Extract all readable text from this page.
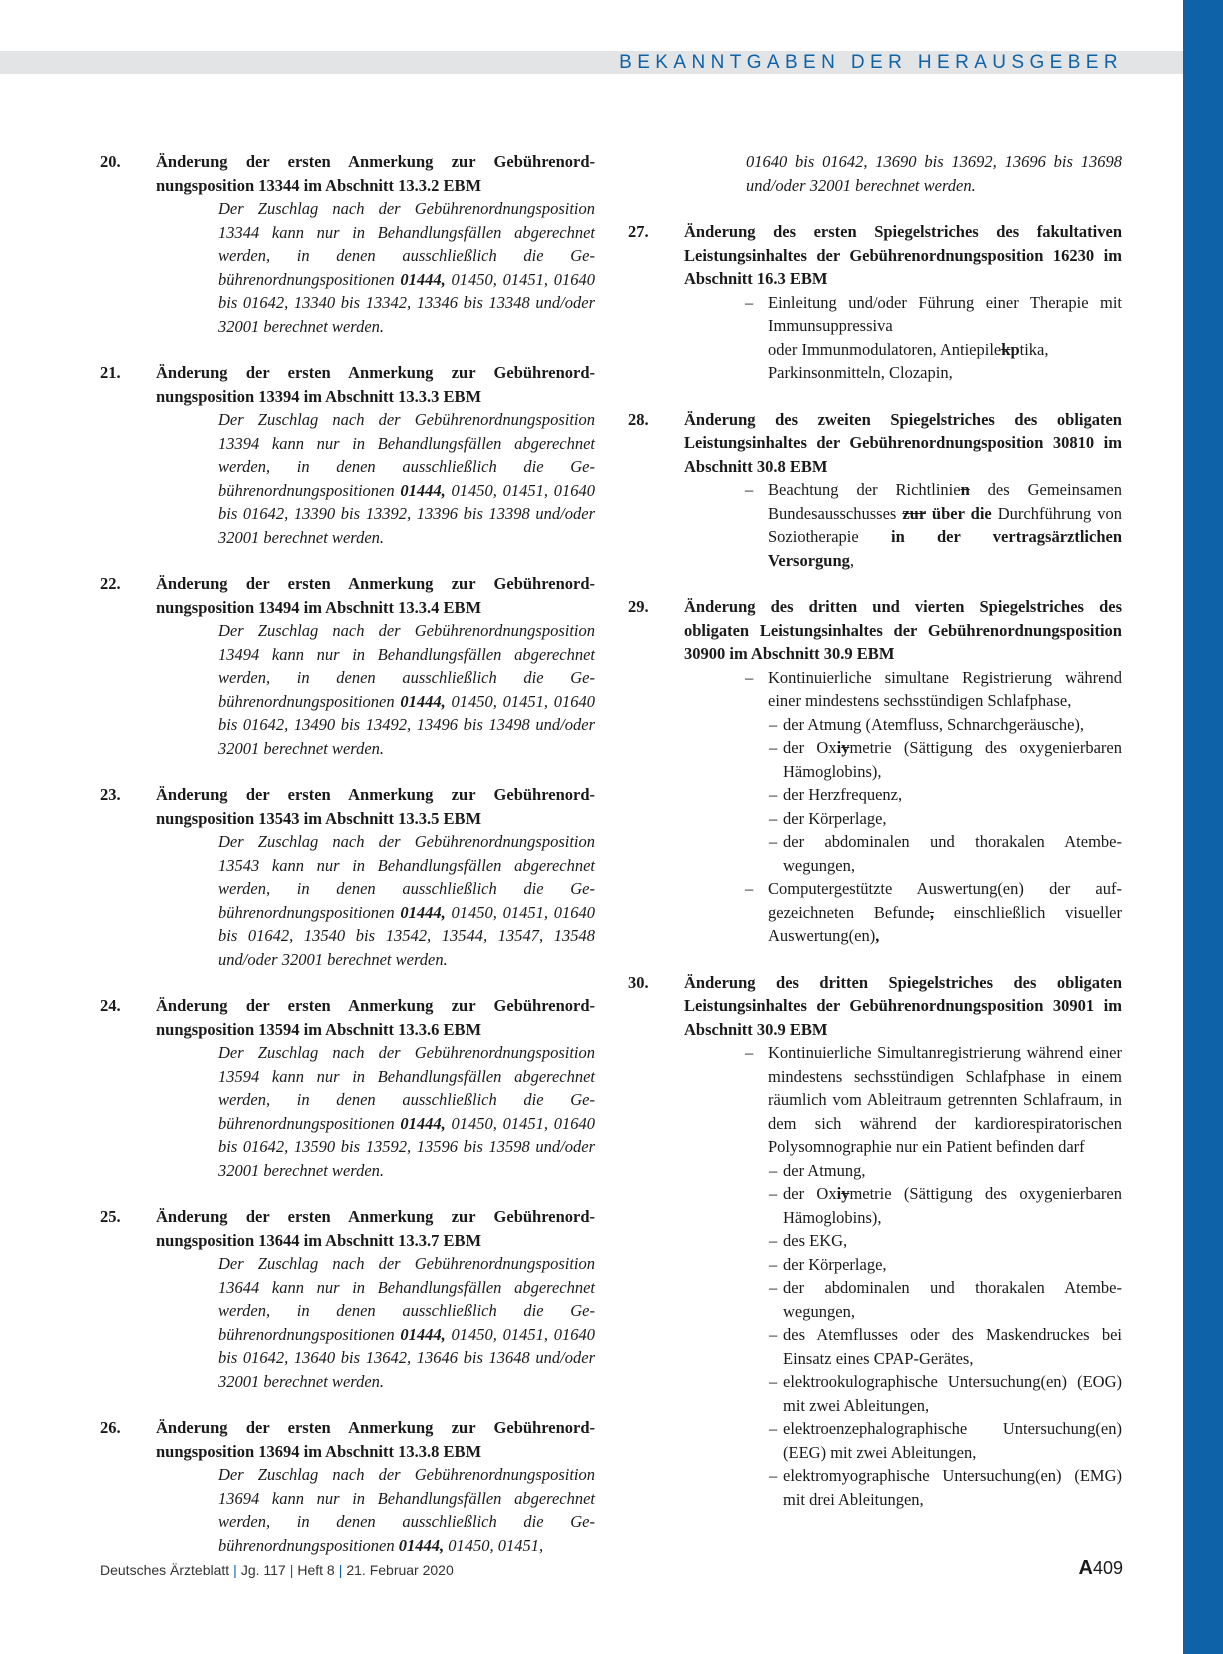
BEKANNTGABEN DER HERAUSGEBER
20.	Änderung der ersten Anmerkung zur Gebührenordnungsposition 13344 im Abschnitt 13.3.2 EBM
Der Zuschlag nach der Gebührenordnungsposition 13344 kann nur in Behandlungsfällen abgerechnet werden, in denen ausschließlich die Gebührenordnungspositionen 01444, 01450, 01451, 01640 bis 01642, 13340 bis 13342, 13346 bis 13348 und/oder 32001 berechnet werden.
21.	Änderung der ersten Anmerkung zur Gebührenordnungsposition 13394 im Abschnitt 13.3.3 EBM
Der Zuschlag nach der Gebührenordnungsposition 13394 kann nur in Behandlungsfällen abgerechnet werden, in denen ausschließlich die Gebührenordnungspositionen 01444, 01450, 01451, 01640 bis 01642, 13390 bis 13392, 13396 bis 13398 und/oder 32001 berechnet werden.
22.	Änderung der ersten Anmerkung zur Gebührenordnungsposition 13494 im Abschnitt 13.3.4 EBM
Der Zuschlag nach der Gebührenordnungsposition 13494 kann nur in Behandlungsfällen abgerechnet werden, in denen ausschließlich die Gebührenordnungspositionen 01444, 01450, 01451, 01640 bis 01642, 13490 bis 13492, 13496 bis 13498 und/oder 32001 berechnet werden.
23.	Änderung der ersten Anmerkung zur Gebührenordnungsposition 13543 im Abschnitt 13.3.5 EBM
Der Zuschlag nach der Gebührenordnungsposition 13543 kann nur in Behandlungsfällen abgerechnet werden, in denen ausschließlich die Gebührenordnungspositionen 01444, 01450, 01451, 01640 bis 01642, 13540 bis 13542, 13544, 13547, 13548 und/oder 32001 berechnet werden.
24.	Änderung der ersten Anmerkung zur Gebührenordnungsposition 13594 im Abschnitt 13.3.6 EBM
Der Zuschlag nach der Gebührenordnungsposition 13594 kann nur in Behandlungsfällen abgerechnet werden, in denen ausschließlich die Gebührenordnungspositionen 01444, 01450, 01451, 01640 bis 01642, 13590 bis 13592, 13596 bis 13598 und/oder 32001 berechnet werden.
25.	Änderung der ersten Anmerkung zur Gebührenordnungsposition 13644 im Abschnitt 13.3.7 EBM
Der Zuschlag nach der Gebührenordnungsposition 13644 kann nur in Behandlungsfällen abgerechnet werden, in denen ausschließlich die Gebührenordnungspositionen 01444, 01450, 01451, 01640 bis 01642, 13640 bis 13642, 13646 bis 13648 und/oder 32001 berechnet werden.
26.	Änderung der ersten Anmerkung zur Gebührenordnungsposition 13694 im Abschnitt 13.3.8 EBM
Der Zuschlag nach der Gebührenordnungsposition 13694 kann nur in Behandlungsfällen abgerechnet werden, in denen ausschließlich die Gebührenordnungspositionen 01444, 01450, 01451,
01640 bis 01642, 13690 bis 13692, 13696 bis 13698 und/oder 32001 berechnet werden.
27.	Änderung des ersten Spiegelstriches des fakultativen Leistungsinhaltes der Gebührenordnungsposition 16230 im Abschnitt 16.3 EBM
– Einleitung und/oder Führung einer Therapie mit Immunsuppressiva
oder Immunmodulatoren, Antiepilekptika,
Parkinsonmitteln, Clozapin,
28.	Änderung des zweiten Spiegelstriches des obligaten Leistungsinhaltes der Gebührenordnungsposition 30810 im Abschnitt 30.8 EBM
– Beachtung der Richtlinien des Gemeinsamen Bundesausschusses zur über die Durchführung von Soziotherapie in der vertragsärztlichen Versorgung,
29.	Änderung des dritten und vierten Spiegelstriches des obligaten Leistungsinhaltes der Gebührenordnungsposition 30900 im Abschnitt 30.9 EBM
– Kontinuierliche simultane Registrierung während einer mindestens sechsstündigen Schlafphase,
– der Atmung (Atemfluss, Schnarchgeräusche),
– der Oxiymetrie (Sättigung des oxygenierbaren Hämoglobins),
– der Herzfrequenz,
– der Körperlage,
– der abdominalen und thorakalen Atembewegungen,
– Computergestützte Auswertung(en) der aufgezeichneten Befunde, einschließlich visueller Auswertung(en),
30.	Änderung des dritten Spiegelstriches des obligaten Leistungsinhaltes der Gebührenordnungsposition 30901 im Abschnitt 30.9 EBM
– Kontinuierliche Simultanregistrierung während einer mindestens sechsstündigen Schlafphase in einem räumlich vom Ableitraum getrennten Schlafraum, in dem sich während der kardiorespiratorischen Polysomnographie nur ein Patient befinden darf
– der Atmung,
– der Oxiymetrie (Sättigung des oxygenierbaren Hämoglobins),
– des EKG,
– der Körperlage,
– der abdominalen und thorakalen Atembewegungen,
– des Atemflusses oder des Maskendruckes bei Einsatz eines CPAP-Gerätes,
– elektrookulographische Untersuchung(en) (EOG) mit zwei Ableitungen,
– elektroenzephalographische Untersuchung(en) (EEG) mit zwei Ableitungen,
– elektromyographische Untersuchung(en) (EMG) mit drei Ableitungen,
Deutsches Ärzteblatt | Jg. 117 | Heft 8 | 21. Februar 2020	A409
